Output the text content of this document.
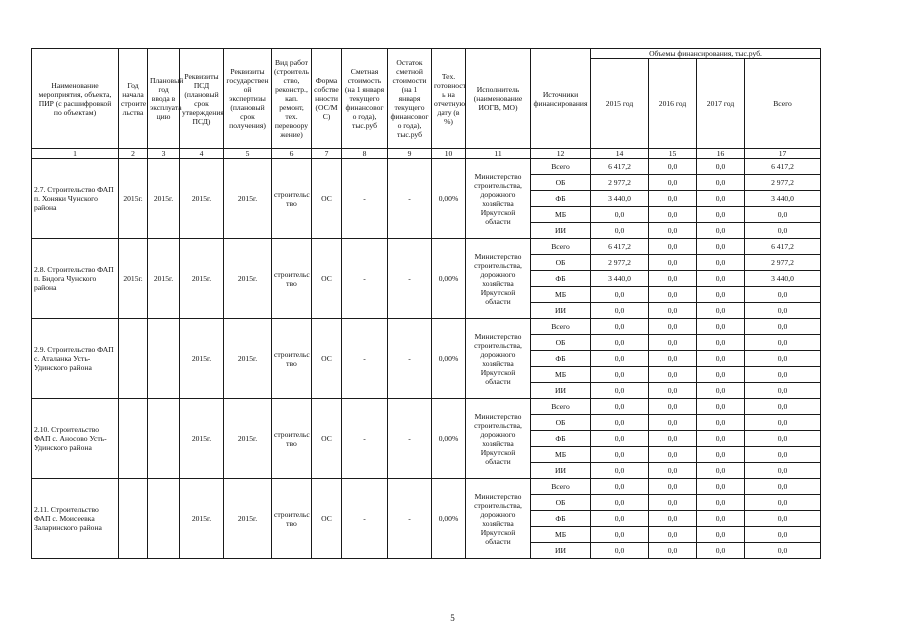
Наименование мероприятия, объекта, ПИР (с расшифровкой по объектам)	Год начала строите льства	Плановый год ввода в эксплуата цию	Реквизиты ПСД (плановый срок утверждения ПСД)	Реквизиты государствен ой экспертизы (плановый срок получения)	Вид работ (строитель ство, реконстр., кап. ремонт, тех. перевоору жение)	Форма собстве нности (ОС/М С)	Сметная стоимость (на 1 января текущего финансовог о года), тыс.руб	Остаток сметной стоимости (на 1 января текущего финансовог о года), тыс.руб	Тех. готовност ь на отчетную дату (в %)	Исполнитель (наименование ИОГВ, МО)	Источники финансирования	Объемы финансирования, тыс.руб.			
												2015 год	2016 год	2017 год	Всего
1	2	3	4	5	6	7	8	9	10	11	12	14	15	16	17
2.7. Строительство ФАП п. Хоняки Чунского района	2015г.	2015г.	2015г.	2015г.	строительс тво	ОС	-	-	0,00%	Министерство строительства, дорожного хозяйства Иркутской области	Всего	6 417,2	0,0	0,0	6 417,2
											ОБ	2 977,2	0,0	0,0	2 977,2
											ФБ	3 440,0	0,0	0,0	3 440,0
											МБ	0,0	0,0	0,0	0,0
											ИИ	0,0	0,0	0,0	0,0
2.8. Строительство ФАП п. Бидога Чунского района	2015г.	2015г.	2015г.	2015г.	строительс тво	ОС	-	-	0,00%	Министерство строительства, дорожного хозяйства Иркутской области	Всего	6 417,2	0,0	0,0	6 417,2
											ОБ	2 977,2	0,0	0,0	2 977,2
											ФБ	3 440,0	0,0	0,0	3 440,0
											МБ	0,0	0,0	0,0	0,0
											ИИ	0,0	0,0	0,0	0,0
2.9. Строительство ФАП с. Аталанка Усть-Удинского района			2015г.	2015г.	строительс тво	ОС	-	-	0,00%	Министерство строительства, дорожного хозяйства Иркутской области	Всего	0,0	0,0	0,0	0,0
											ОБ	0,0	0,0	0,0	0,0
											ФБ	0,0	0,0	0,0	0,0
											МБ	0,0	0,0	0,0	0,0
											ИИ	0,0	0,0	0,0	0,0
2.10. Строительство ФАП с. Аносово Усть-Удинского района			2015г.	2015г.	строительс тво	ОС	-	-	0,00%	Министерство строительства, дорожного хозяйства Иркутской области	Всего	0,0	0,0	0,0	0,0
											ОБ	0,0	0,0	0,0	0,0
											ФБ	0,0	0,0	0,0	0,0
											МБ	0,0	0,0	0,0	0,0
											ИИ	0,0	0,0	0,0	0,0
2.11. Строительство ФАП с. Моисеевка Заларинского района			2015г.	2015г.	строительс тво	ОС	-	-	0,00%	Министерство строительства, дорожного хозяйства Иркутской области	Всего	0,0	0,0	0,0	0,0
											ОБ	0,0	0,0	0,0	0,0
											ФБ	0,0	0,0	0,0	0,0
											МБ	0,0	0,0	0,0	0,0
											ИИ	0,0	0,0	0,0	0,0
5
